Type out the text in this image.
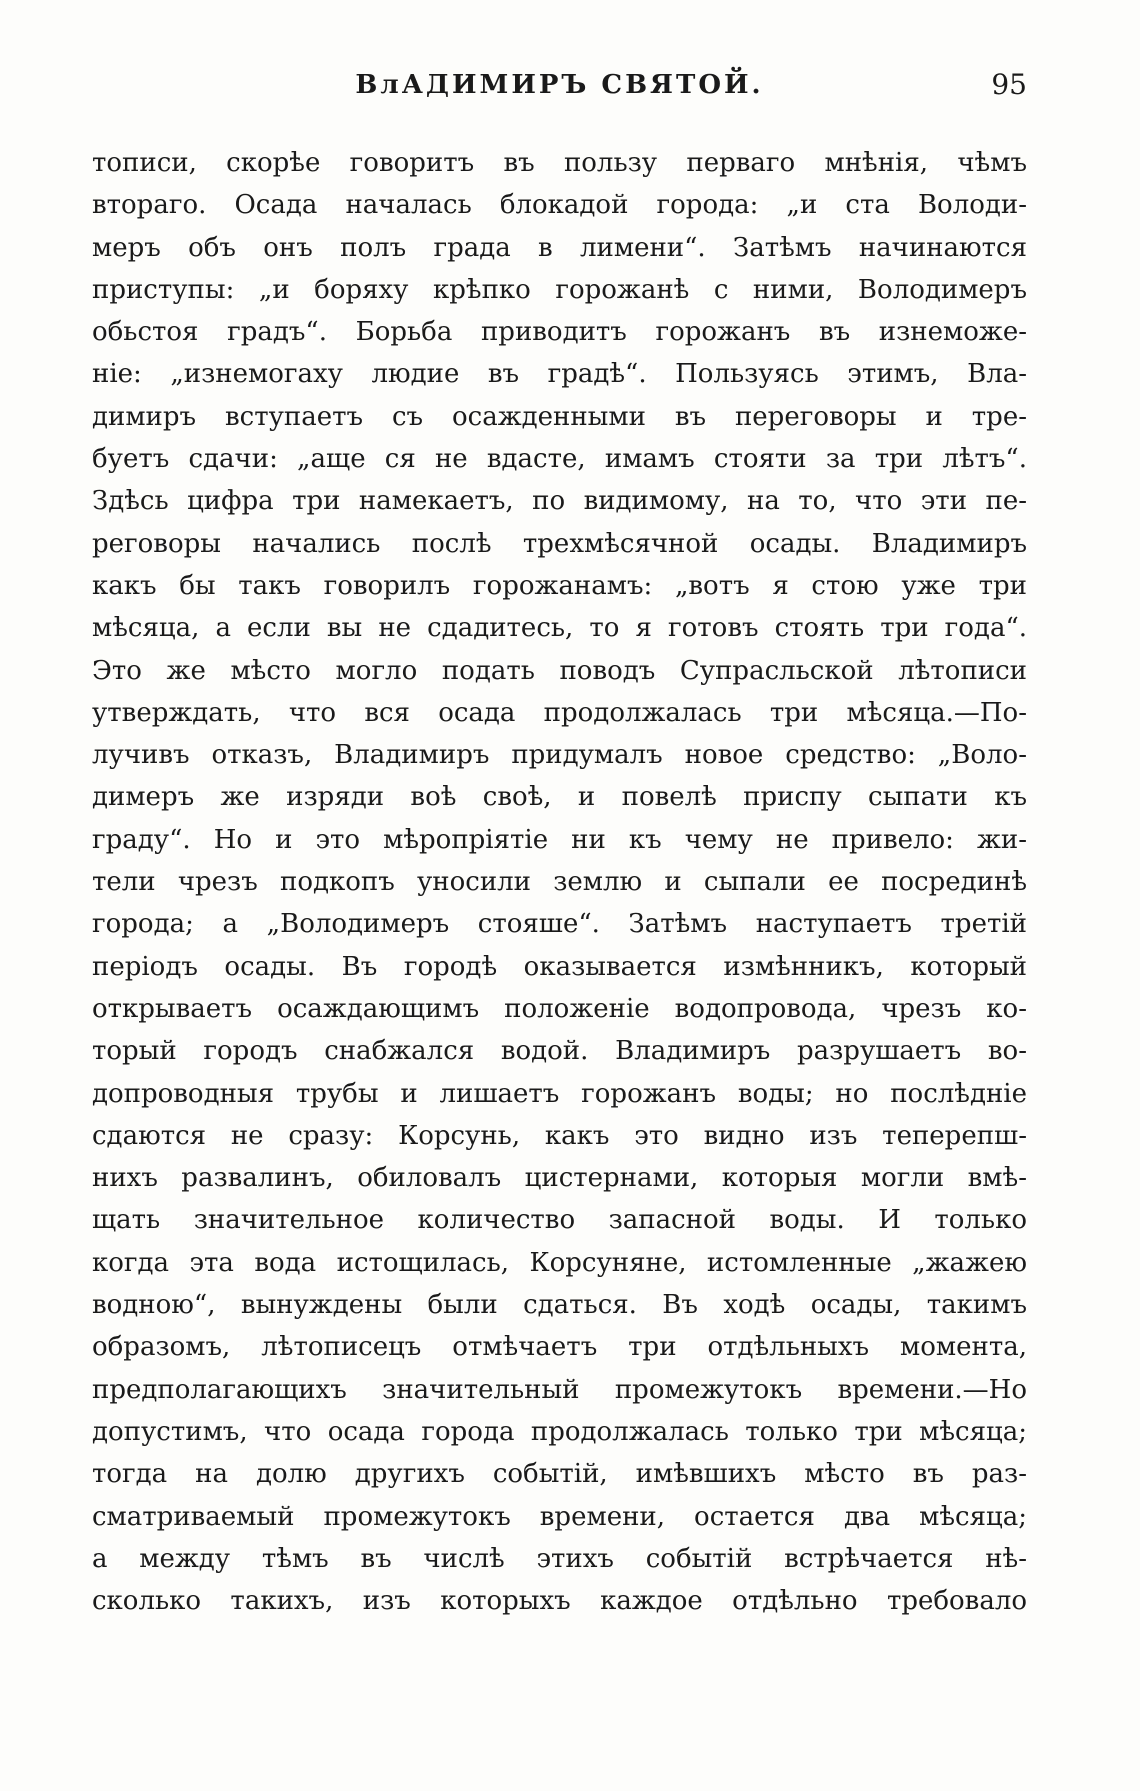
ВлАДИМИРЪ СВЯТОЙ.	95
тописи, скорѣе говоритъ въ пользу перваго мнѣнія, чѣмъ
втораго. Осада началась блокадой города: „и ста Володи-
меръ объ онъ полъ града в лимени“. Затѣмъ начинаются
приступы: „и боряху крѣпко горожанѣ с ними, Володимеръ
обьстоя градъ“. Борьба приводитъ горожанъ въ изнеможе-
ніе: „изнемогаху людие въ градѣ“. Пользуясь этимъ, Вла-
димиръ вступаетъ съ осажденными въ переговоры и тре-
буетъ сдачи: „аще ся не вдасте, имамъ стояти за три лѣтъ“.
Здѣсь цифра три намекаетъ, по видимому, на то, что эти пе-
реговоры начались послѣ трехмѣсячной осады. Владимиръ
какъ бы такъ говорилъ горожанамъ: „вотъ я стою уже три
мѣсяца, а если вы не сдадитесь, то я готовъ стоять три года“.
Это же мѣсто могло подать поводъ Супрасльской лѣтописи
утверждать, что вся осада продолжалась три мѣсяца.—По-
лучивъ отказъ, Владимиръ придумалъ новое средство: „Воло-
димеръ же изряди воѣ своѣ, и повелѣ приспу сыпати къ
граду“. Но и это мѣропріятіе ни къ чему не привело: жи-
тели чрезъ подкопъ уносили землю и сыпали ее посрединѣ
города; а „Володимеръ стояше“. Затѣмъ наступаетъ третій
періодъ осады. Въ городѣ оказывается измѣнникъ, который
открываетъ осаждающимъ положеніе водопровода, чрезъ ко-
торый городъ снабжался водой. Владимиръ разрушаетъ во-
допроводныя трубы и лишаетъ горожанъ воды; но послѣдніе
сдаются не сразу: Корсунь, какъ это видно изъ теперепш-
нихъ развалинъ, обиловалъ цистернами, которыя могли вмѣ-
щать значительное количество запасной воды. И только
когда эта вода истощилась, Корсуняне, истомленные „жажею
водною“, вынуждены были сдаться. Въ ходѣ осады, такимъ
образомъ, лѣтописецъ отмѣчаетъ три отдѣльныхъ момента,
предполагающихъ значительный промежутокъ времени.—Но
допустимъ, что осада города продолжалась только три мѣсяца;
тогда на долю другихъ событій, имѣвшихъ мѣсто въ раз-
сматриваемый промежутокъ времени, остается два мѣсяца;
а между тѣмъ въ числѣ этихъ событій встрѣчается нѣ-
сколько такихъ, изъ которыхъ каждое отдѣльно требовало
